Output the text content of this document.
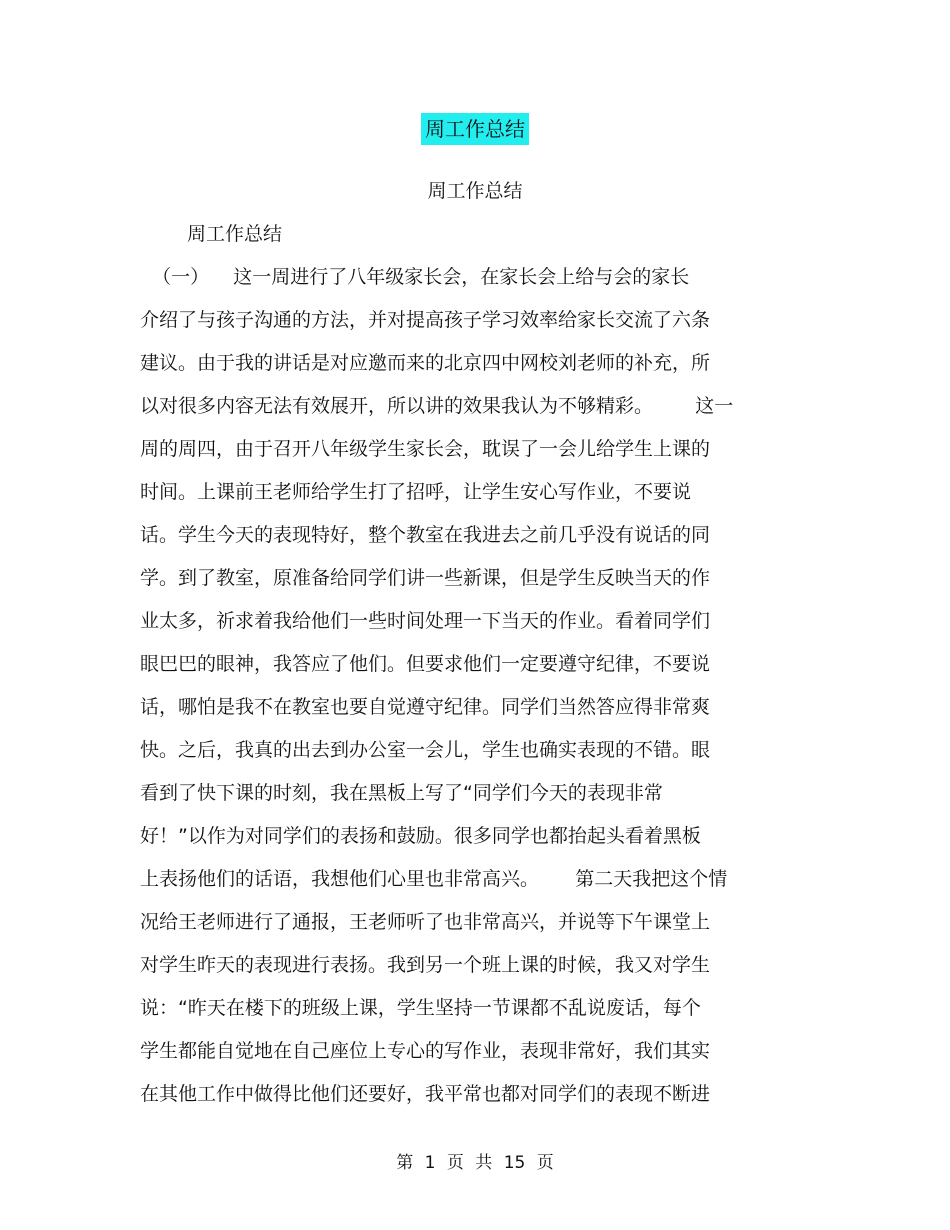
周工作总结
周工作总结
周工作总结
（一）    这一周进行了八年级家长会，在家长会上给与会的家长
介绍了与孩子沟通的方法，并对提高孩子学习效率给家长交流了六条
建议。由于我的讲话是对应邀而来的北京四中网校刘老师的补充，所
以对很多内容无法有效展开，所以讲的效果我认为不够精彩。       这一
周的周四，由于召开八年级学生家长会，耽误了一会儿给学生上课的
时间。上课前王老师给学生打了招呼，让学生安心写作业，不要说
话。学生今天的表现特好，整个教室在我进去之前几乎没有说话的同
学。到了教室，原准备给同学们讲一些新课，但是学生反映当天的作
业太多，祈求着我给他们一些时间处理一下当天的作业。看着同学们
眼巴巴的眼神，我答应了他们。但要求他们一定要遵守纪律，不要说
话，哪怕是我不在教室也要自觉遵守纪律。同学们当然答应得非常爽
快。之后，我真的出去到办公室一会儿，学生也确实表现的不错。眼
看到了快下课的时刻，我在黑板上写了“同学们今天的表现非常
好！”以作为对同学们的表扬和鼓励。很多同学也都抬起头看着黑板
上表扬他们的话语，我想他们心里也非常高兴。      第二天我把这个情
况给王老师进行了通报，王老师听了也非常高兴，并说等下午课堂上
对学生昨天的表现进行表扬。我到另一个班上课的时候，我又对学生
说：“昨天在楼下的班级上课，学生坚持一节课都不乱说废话，每个
学生都能自觉地在自己座位上专心的写作业，表现非常好，我们其实
在其他工作中做得比他们还要好，我平常也都对同学们的表现不断进
第 1 页 共 15 页
